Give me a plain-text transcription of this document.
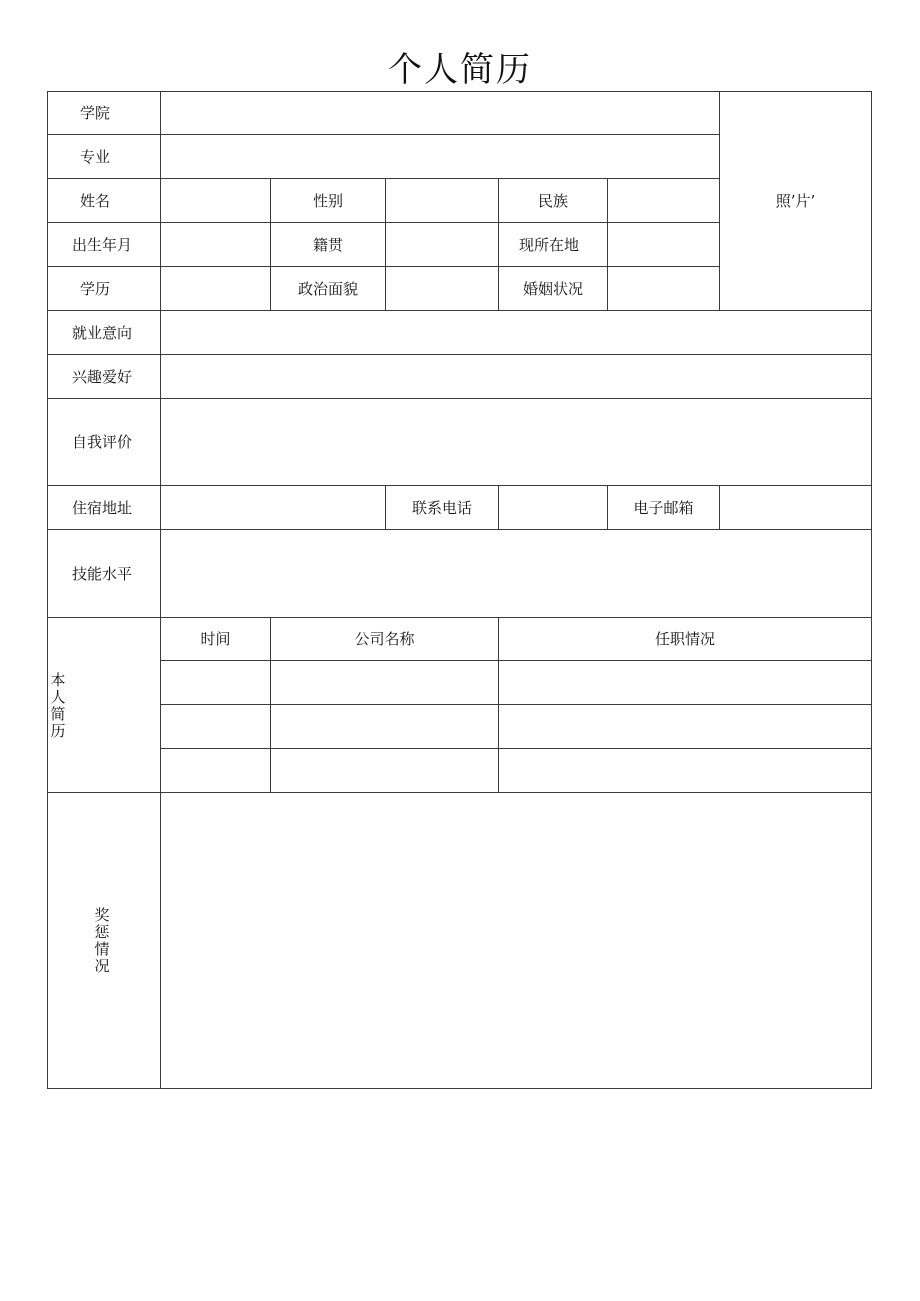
个人简历
学院
专业
照’片’
姓名	性别	民族
出生年月	籍贯	现所在地
学历	政治面貌	婚姻状况
就业意向
兴趣爱好
自我评价
住宿地址	联系电话	电子邮箱
技能水平
本人简历
时间	公司名称	任职情况
奖惩情况
